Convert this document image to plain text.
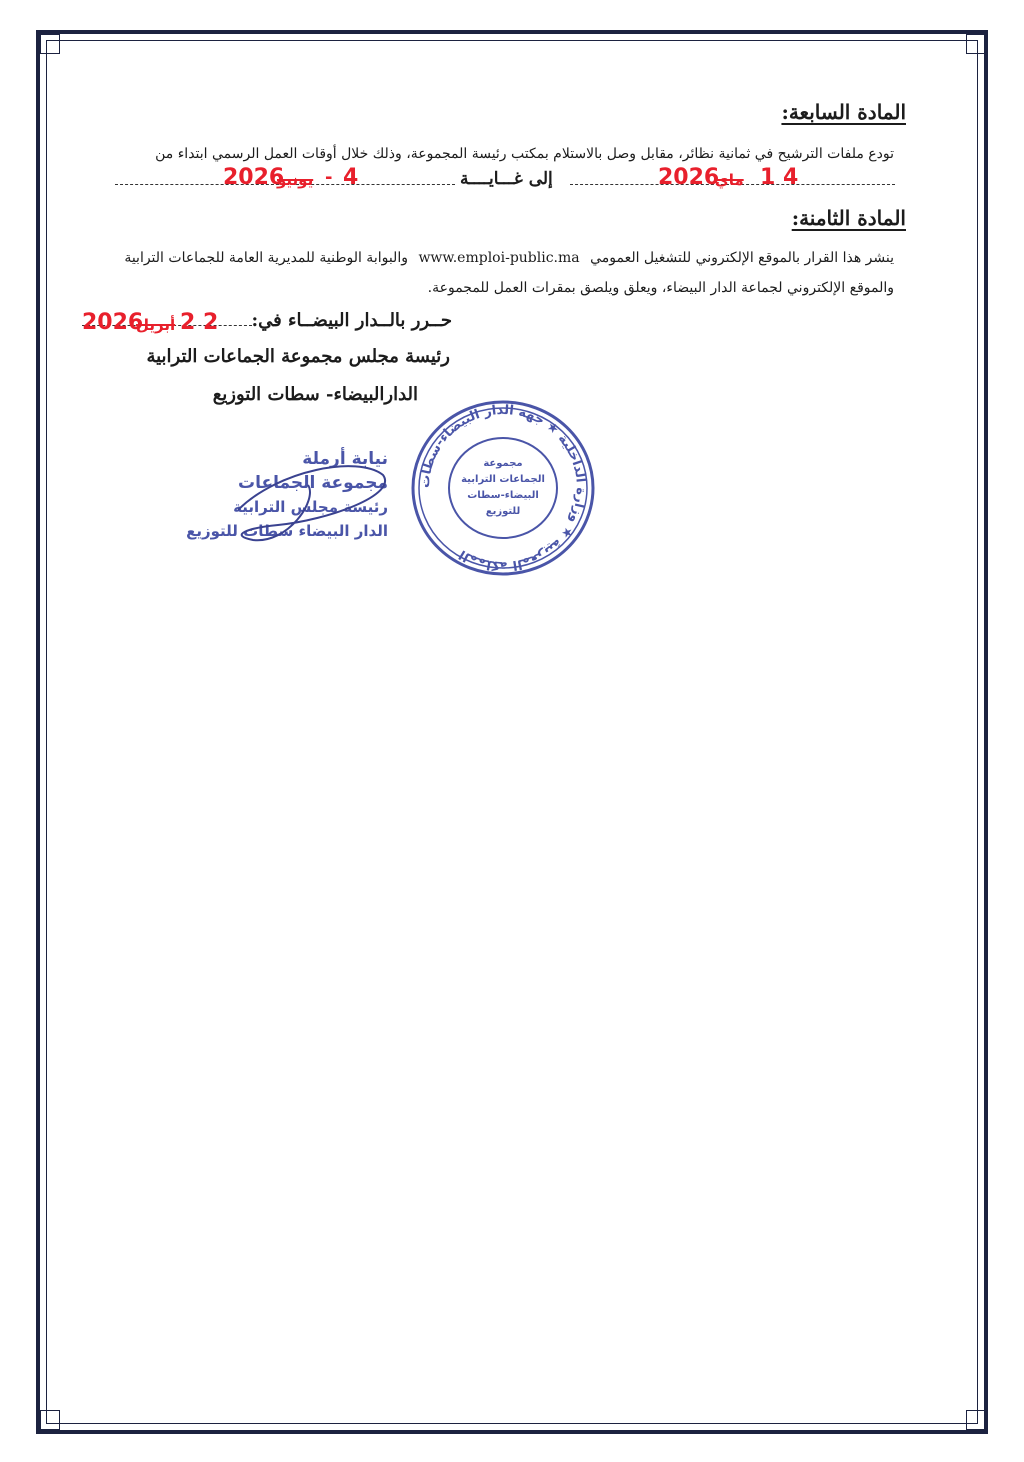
المادة السابعة:
تودع ملفات الترشيح في ثمانية نظائر، مقابل وصل بالاستلام بمكتب رئيسة المجموعة، وذلك خلال أوقات العمل الرسمي ابتداء من
2026
ماي 1 4
إلى غـــايــــة
2026
يونيو - 4
المادة الثامنة:
ينشر هذا القرار بالموقع الإلكتروني للتشغيل العمومي www.emploi-public.ma والبوابة الوطنية للمديرية العامة للجماعات الترابية
والموقع الإلكتروني لجماعة الدار البيضاء، ويعلق ويلصق بمقرات العمل للمجموعة.
حــرر بالــدار البيضــاء في:
2026
أبريل 2 2
رئيسة مجلس مجموعة الجماعات الترابية
الدارالبيضاء- سطات التوزيع
المملكة المغربية ★ وزارة الداخلية ★ جهة الدار البيضاء-سطات
مجموعة
الجماعات الترابية
البيضاء-سطات
للتوزيع
نيابة أرملة
مجموعة الجماعات
رئيسة مجلس الترابية
الدار البيضاء سطات للتوزيع
